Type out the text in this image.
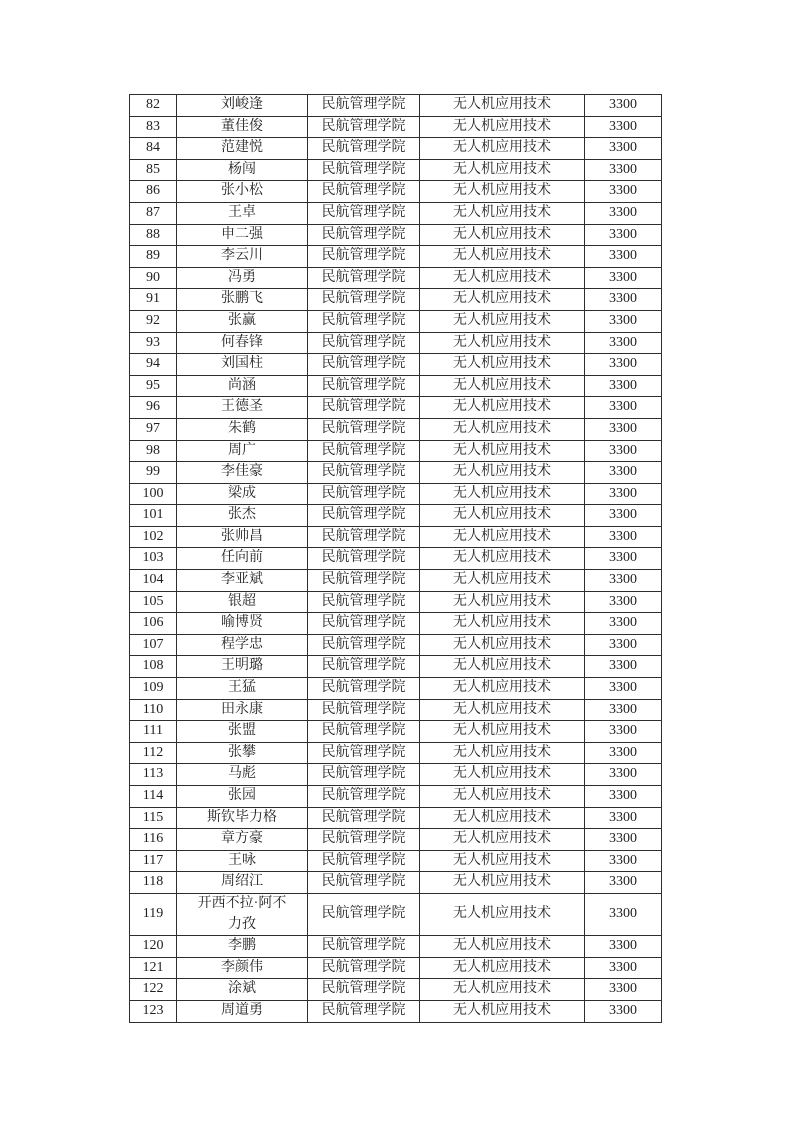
82	刘峻逢	民航管理学院	无人机应用技术	3300
83	董佳俊	民航管理学院	无人机应用技术	3300
84	范建悦	民航管理学院	无人机应用技术	3300
85	杨闯	民航管理学院	无人机应用技术	3300
86	张小松	民航管理学院	无人机应用技术	3300
87	王卓	民航管理学院	无人机应用技术	3300
88	申二强	民航管理学院	无人机应用技术	3300
89	李云川	民航管理学院	无人机应用技术	3300
90	冯勇	民航管理学院	无人机应用技术	3300
91	张鹏飞	民航管理学院	无人机应用技术	3300
92	张赢	民航管理学院	无人机应用技术	3300
93	何春锋	民航管理学院	无人机应用技术	3300
94	刘国柱	民航管理学院	无人机应用技术	3300
95	尚涵	民航管理学院	无人机应用技术	3300
96	王德圣	民航管理学院	无人机应用技术	3300
97	朱鹤	民航管理学院	无人机应用技术	3300
98	周广	民航管理学院	无人机应用技术	3300
99	李佳豪	民航管理学院	无人机应用技术	3300
100	梁成	民航管理学院	无人机应用技术	3300
101	张杰	民航管理学院	无人机应用技术	3300
102	张帅昌	民航管理学院	无人机应用技术	3300
103	任向前	民航管理学院	无人机应用技术	3300
104	李亚斌	民航管理学院	无人机应用技术	3300
105	银超	民航管理学院	无人机应用技术	3300
106	喻博贤	民航管理学院	无人机应用技术	3300
107	程学忠	民航管理学院	无人机应用技术	3300
108	王明璐	民航管理学院	无人机应用技术	3300
109	王猛	民航管理学院	无人机应用技术	3300
110	田永康	民航管理学院	无人机应用技术	3300
111	张盟	民航管理学院	无人机应用技术	3300
112	张攀	民航管理学院	无人机应用技术	3300
113	马彪	民航管理学院	无人机应用技术	3300
114	张园	民航管理学院	无人机应用技术	3300
115	斯钦毕力格	民航管理学院	无人机应用技术	3300
116	章方豪	民航管理学院	无人机应用技术	3300
117	王咏	民航管理学院	无人机应用技术	3300
118	周绍江	民航管理学院	无人机应用技术	3300
119	开西不拉·阿不力孜	民航管理学院	无人机应用技术	3300
120	李鹏	民航管理学院	无人机应用技术	3300
121	李颜伟	民航管理学院	无人机应用技术	3300
122	涂斌	民航管理学院	无人机应用技术	3300
123	周道勇	民航管理学院	无人机应用技术	3300
